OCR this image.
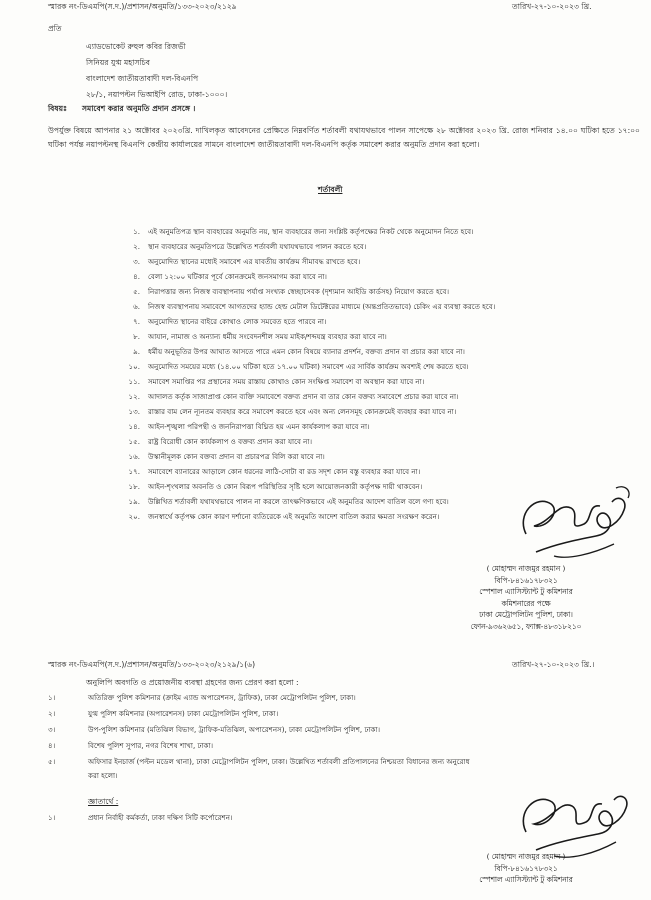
স্মারক নং-ডিএমপি(স.দ.)/প্রশাসন/অনুমতি/১৩৩-২০২৩/২১২৯	তারিখ-২৭-১০-২০২৩ খ্রি.
প্রতি
এ্যাডভোকেট রুহুল কবির রিজভী
সিনিয়র যুগ্ম মহাসচিব
বাংলাদেশ জাতীয়তাবাদী দল-বিএনপি
২৮/১, নয়াপল্টন ভিআইপি রোড, ঢাকা-১০০০।
বিষয়ঃ সমাবেশ করার অনুমতি প্রদান প্রসঙ্গে ।
উপর্যুক্ত বিষয়ে আপনার ২১ অক্টোবর ২০২৩খ্রি. দাখিলকৃত আবেদনের প্রেক্ষিতে নিম্নবর্ণিত শর্তাবলী যথাযথভাবে পালন সাপেক্ষে ২৮ অক্টোবর ২০২৩ খ্রি. রোজ শনিবার ১৪.০০ ঘটিকা হতে ১৭:০০ ঘটিকা পর্যন্ত নয়াপল্টনস্থ বিএনপি কেন্দ্রীয় কার্যালয়ের সামনে বাংলাদেশ জাতীয়তাবাদী দল-বিএনপি কর্তৃক সমাবেশ করার অনুমতি প্রদান করা হলো।
শর্তাবলী
১. এই অনুমতিপত্র স্থান ব্যবহারের অনুমতি নয়, স্থান ব্যবহারের জন্য সংশ্লিষ্ট কর্তৃপক্ষের নিকট থেকে অনুমোদন নিতে হবে।
২. স্থান ব্যবহারের অনুমতিপত্রে উল্লেখিত শর্তাবলী যথাযথভাবে পালন করতে হবে।
৩. অনুমোদিত স্থানের মধ্যেই সমাবেশ এর যাবতীয় কার্যক্রম সীমাবদ্ধ রাখতে হবে।
৪. বেলা ১২:০০ ঘটিকার পূর্বে কোনক্রমেই জনসমাগম করা যাবে না।
৫. নিরাপত্তার জন্য নিজস্ব ব্যবস্থাপনায় পর্যাপ্ত সংখ্যক স্বেচ্ছাসেবক (দৃশ্যমান আইডি কার্ডসহ) নিয়োগ করতে হবে।
৬. নিজস্ব ব্যবস্থাপনায় সমাবেশে আগতদের হ্যান্ড হেল্ড মেটাল ডিটেক্টরের মাধ্যমে (অন্তপ্রতিতভাবে) চেকিং এর ব্যবস্থা করতে হবে।
৭. অনুমোদিত স্থানের বাইরে কোথাও লোক সমবেত হতে পারবে না।
৮. আযান, নামাজ ও অন্যান্য ধর্মীয় সংবেদনশীল সময় মাইক/শব্দযন্ত্র ব্যবহার করা যাবে না।
৯. ধর্মীয় অনুভূতির উপর আঘাত আসতে পারে এমন কোন বিষয়ে ব্যানার প্রদর্শন, বক্তব্য প্রদান বা প্রচার করা যাবে না।
১০. অনুমোদিত সময়ের মধ্যে (১৪.০০ ঘটিকা হতে ১৭.০০ ঘটিকা) সমাবেশ এর সার্বিক কার্যক্রম অবশ্যই শেষ করতে হবে।
১১. সমাবেশ সমাপ্তির পর প্রস্থানের সময় রাস্তায় কোথাও কোন সংক্ষিপ্ত সমাবেশ বা অবস্থান করা যাবে না।
১২. আদালত কর্তৃক সাজাপ্রাপ্ত কোন ব্যক্তি সমাবেশে বক্তব্য প্রদান বা তার কোন বক্তব্য সমাবেশে প্রচার করা যাবে না।
১৩. রাস্তার বাম লেন ন্যূনতম ব্যবহার করে সমাবেশ করতে হবে এবং অন্য লেনসমূহ কোনক্রমেই ব্যবহার করা যাবে না।
১৪. আইন-শৃঙ্খলা পরিপন্থী ও জননিরাপত্তা বিঘ্নিত হয় এমন কার্যকলাপ করা যাবে না।
১৫. রাষ্ট্র বিরোধী কোন কার্যকলাপ ও বক্তব্য প্রদান করা যাবে না।
১৬. উস্কানীমূলক কোন বক্তব্য প্রদান বা প্রচারপত্র বিলি করা যাবে না।
১৭. সমাবেশে ব্যানারের আড়ালে কোন ধরনের লাঠি-সোটা বা রড সদৃশ কোন বস্তু ব্যবহার করা যাবে না।
১৮. আইন-শৃংখলার অবনতি ও কোন বিরূপ পরিস্থিতির সৃষ্টি হলে আয়োজনকারী কর্তৃপক্ষ দায়ী থাকবেন।
১৯. উল্লিখিত শর্তাবলী যথাযথভাবে পালন না করলে তাৎক্ষণিকভাবে এই অনুমতির আদেশ বাতিল বলে গণ্য হবে।
২০. জনস্বার্থে কর্তৃপক্ষ কোন কারণ দর্শানো ব্যতিরেকে এই অনুমতি আদেশ বাতিল করার ক্ষমতা সংরক্ষণ করেন।
( মোহাম্মদ নাজমুর রহমান )
বিপি-৮৪১৬১৭৮৩২১
স্পেশাল এ্যাসিস্ট্যান্ট টু কমিশনার
কমিশনারের পক্ষে
ঢাকা মেট্রোপলিটন পুলিশ, ঢাকা।
ফোন-৯৩৬২৬৫১, ফ্যাক্স-৪৮৩১৮২১০
স্মারক নং-ডিএমপি(স.দ.)/প্রশাসন/অনুমতি/১৩৩-২০২৩/২১২৯/১(৬)	তারিখ-২৭-১০-২০২৩ খ্রি.।
অনুলিপি অবগতি ও প্রয়োজনীয় ব্যবস্থা গ্রহণের জন্য প্রেরণ করা হলো :
১।	অতিরিক্ত পুলিশ কমিশনার (ক্রাইম এ্যান্ড অপারেশনস, ট্রাফিক), ঢাকা মেট্রোপলিটন পুলিশ, ঢাকা।
২।	যুগ্ম পুলিশ কমিশনার (অপারেশনস) ঢাকা মেট্রোপলিটন পুলিশ, ঢাকা।
৩।	উপ-পুলিশ কমিশনার (মতিঝিল বিভাগ, ট্রাফিক-মতিঝিল, অপারেশনস), ঢাকা মেট্রোপলিটন পুলিশ, ঢাকা।
৪।	বিশেষ পুলিশ সুপার, নগর বিশেষ শাখা, ঢাকা।
৫।	অফিসার ইনচার্জ (পল্টন মডেল থানা), ঢাকা মেট্রোপলিটন পুলিশ, ঢাকা। উল্লেখিত শর্তাবলী প্রতিপালনের নিশ্চয়তা বিধানের জন্য অনুরোধ
করা হলো।
জ্ঞাতার্থে :
১।	প্রধান নির্বাহী কর্মকর্তা, ঢাকা দক্ষিণ সিটি কর্পোরেশন।
( মোহাম্মদ নাজমুর রহমান )
বিপি-৮৪১৬১৭৮৩২১
স্পেশাল এ্যাসিস্ট্যান্ট টু কমিশনার
